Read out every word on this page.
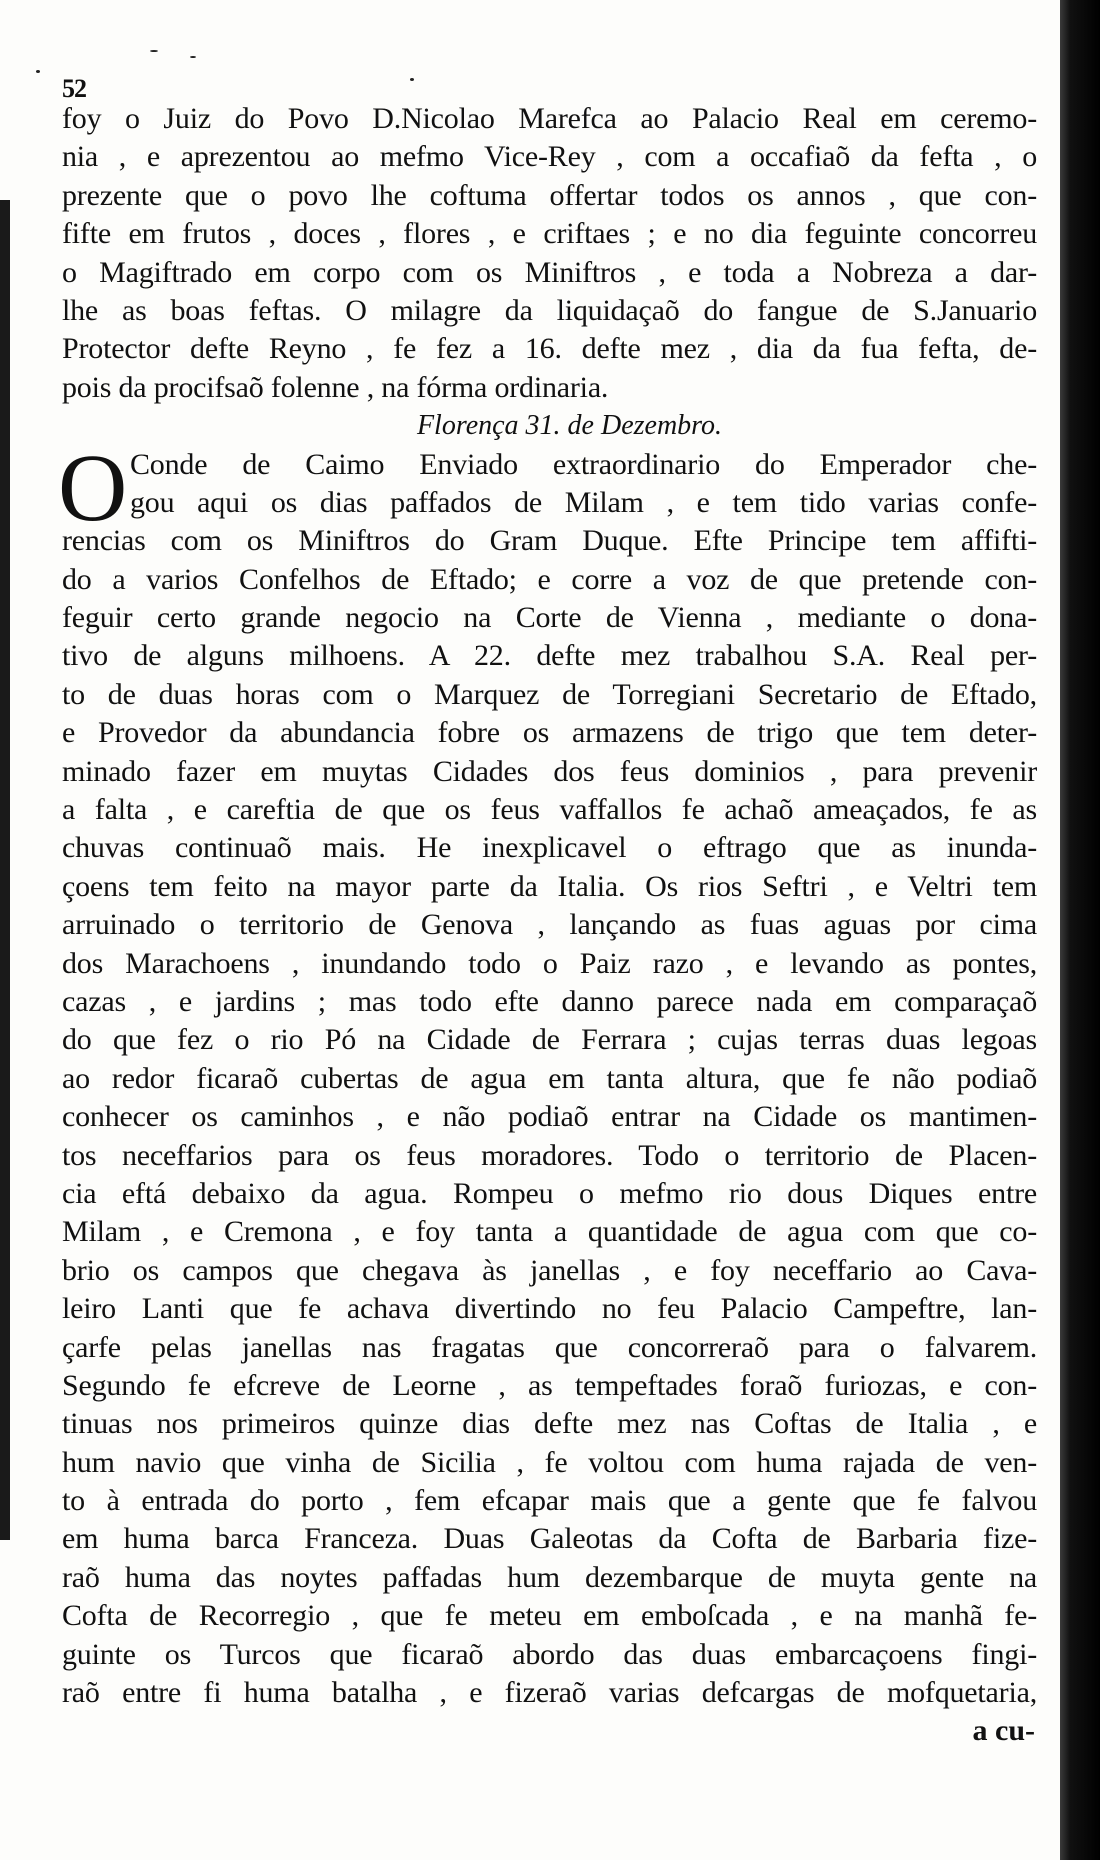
52
foy o Juiz do Povo D.Nicolao Marefca ao Palacio Real em ceremo-
nia , e aprezentou ao mefmo Vice-Rey , com a occafiaõ da fefta , o
prezente que o povo lhe coftuma offertar todos os annos , que con-
fifte em frutos , doces , flores , e criftaes ; e no dia feguinte concorreu
o Magiftrado em corpo com os Miniftros , e toda a Nobreza a dar-
lhe as boas feftas. O milagre da liquidaçaõ do fangue de S.Januario
Protector defte Reyno , fe fez a 16. defte mez , dia da fua fefta, de-
pois da procifsaõ folenne , na fórma ordinaria.
Florença 31. de Dezembro.
O Conde de Caimo Enviado extraordinario do Emperador che-
gou aqui os dias paffados de Milam , e tem tido varias confe-
rencias com os Miniftros do Gram Duque. Efte Principe tem affifti-
do a varios Confelhos de Eftado; e corre a voz de que pretende con-
feguir certo grande negocio na Corte de Vienna , mediante o dona-
tivo de alguns milhoens. A 22. defte mez trabalhou S.A. Real per-
to de duas horas com o Marquez de Torregiani Secretario de Eftado,
e Provedor da abundancia fobre os armazens de trigo que tem deter-
minado fazer em muytas Cidades dos feus dominios , para prevenir
a falta , e careftia de que os feus vaffallos fe achaõ ameaçados, fe as
chuvas continuaõ mais. He inexplicavel o eftrago que as inunda-
çoens tem feito na mayor parte da Italia. Os rios Seftri , e Veltri tem
arruinado o territorio de Genova , lançando as fuas aguas por cima
dos Marachoens , inundando todo o Paiz razo , e levando as pontes,
cazas , e jardins ; mas todo efte danno parece nada em comparaçaõ
do que fez o rio Pó na Cidade de Ferrara ; cujas terras duas legoas
ao redor ficaraõ cubertas de agua em tanta altura, que fe não podiaõ
conhecer os caminhos , e não podiaõ entrar na Cidade os mantimen-
tos neceffarios para os feus moradores. Todo o territorio de Placen-
cia eftá debaixo da agua. Rompeu o mefmo rio dous Diques entre
Milam , e Cremona , e foy tanta a quantidade de agua com que co-
brio os campos que chegava às janellas , e foy neceffario ao Cava-
leiro Lanti que fe achava divertindo no feu Palacio Campeftre, lan-
çarfe pelas janellas nas fragatas que concorreraõ para o falvarem.
Segundo fe efcreve de Leorne , as tempeftades foraõ furiozas, e con-
tinuas nos primeiros quinze dias defte mez nas Coftas de Italia , e
hum navio que vinha de Sicilia , fe voltou com huma rajada de ven-
to à entrada do porto , fem efcapar mais que a gente que fe falvou
em huma barca Franceza. Duas Galeotas da Cofta de Barbaria fize-
raõ huma das noytes paffadas hum dezembarque de muyta gente na
Cofta de Recorregio , que fe meteu em emboſcada , e na manhã fe-
guinte os Turcos que ficaraõ abordo das duas embarcaçoens fingi-
raõ entre fi huma batalha , e fizeraõ varias defcargas de mofquetaria,
a cu-
